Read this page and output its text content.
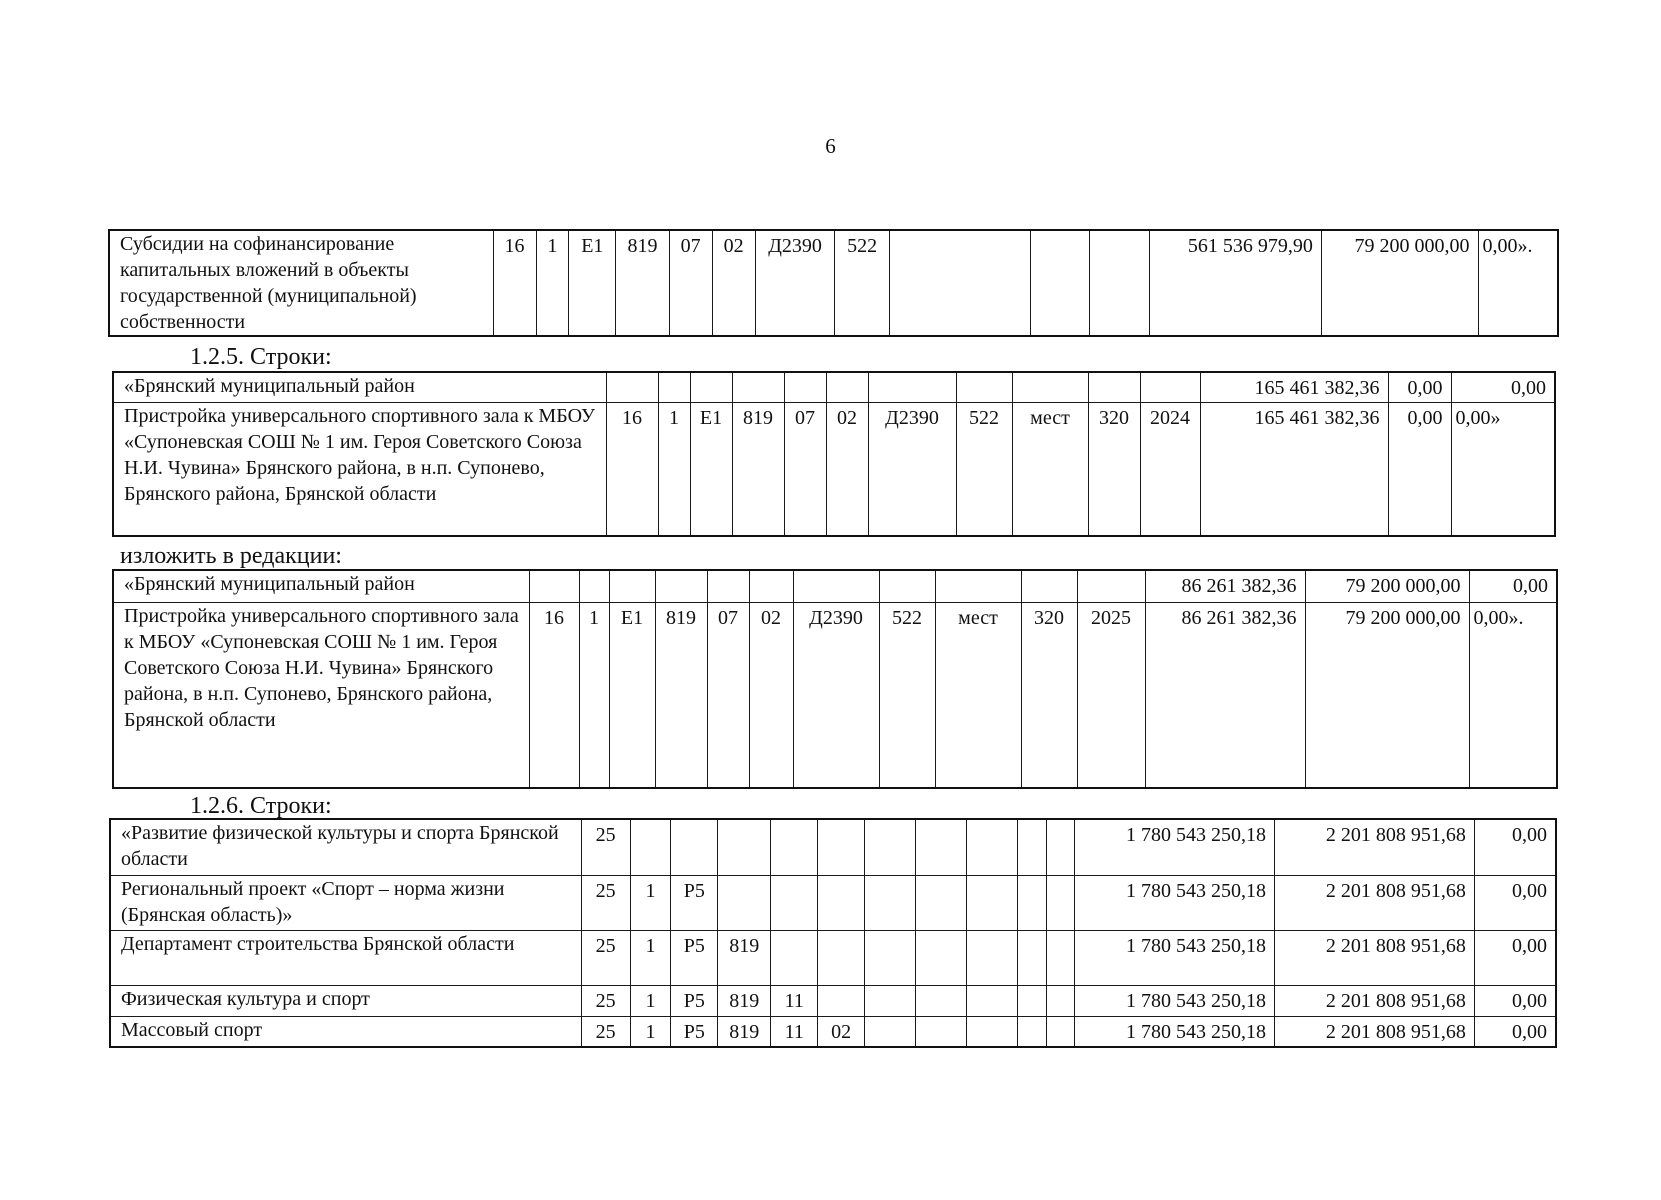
6
Субсидии на софинансирование капитальных вложений в объекты государственной (муниципальной) собственности	16	1	E1	819	07	02	Д2390	522				561 536 979,90	79 200 000,00	0,00».
1.2.5. Строки:
«Брянский муниципальный район												165 461 382,36	0,00	0,00
Пристройка универсального спортивного зала к МБОУ «Супоневская СОШ № 1 им. Героя Советского Союза Н.И. Чувина» Брянского района, в н.п. Супонево, Брянского района, Брянской области	16	1	E1	819	07	02	Д2390	522	мест	320	2024	165 461 382,36	0,00	0,00»
изложить в редакции:
«Брянский муниципальный район												86 261 382,36	79 200 000,00	0,00
Пристройка универсального спортивного зала к МБОУ «Супоневская СОШ № 1 им. Героя Советского Союза Н.И. Чувина» Брянского района, в н.п. Супонево, Брянского района, Брянской области	16	1	E1	819	07	02	Д2390	522	мест	320	2025	86 261 382,36	79 200 000,00	0,00».
1.2.6. Строки:
«Развитие физической культуры и спорта Брянской области	25											1 780 543 250,18	2 201 808 951,68	0,00
Региональный проект «Спорт – норма жизни (Брянская область)»	25	1	P5									1 780 543 250,18	2 201 808 951,68	0,00
Департамент строительства Брянской области	25	1	P5	819								1 780 543 250,18	2 201 808 951,68	0,00
Физическая культура и спорт	25	1	P5	819	11							1 780 543 250,18	2 201 808 951,68	0,00
Массовый спорт	25	1	P5	819	11	02						1 780 543 250,18	2 201 808 951,68	0,00
